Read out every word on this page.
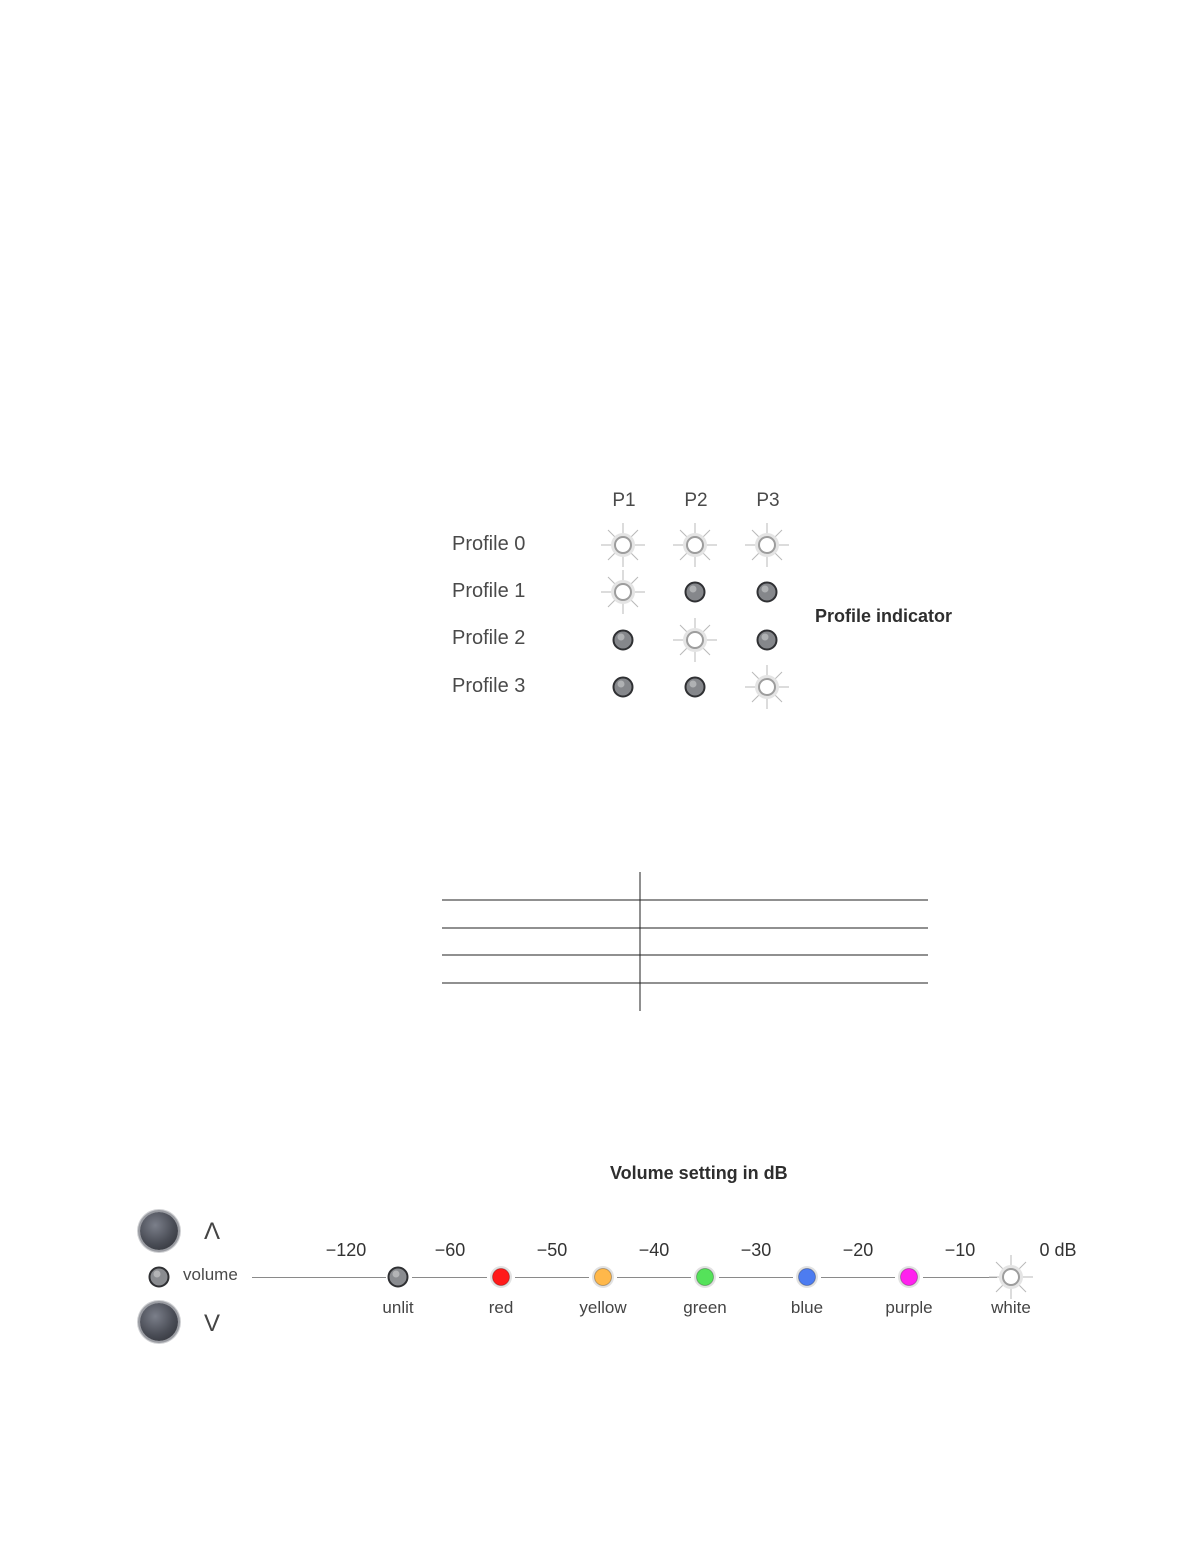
P1	P2	P3
Profile 0
Profile 1
Profile 2
Profile 3
Profile indicator
Volume setting in dB
Λ
volume
V
−120	−60	−50	−40	−30	−20	−10	0 dB
unlit	red	yellow	green	blue	purple	white
